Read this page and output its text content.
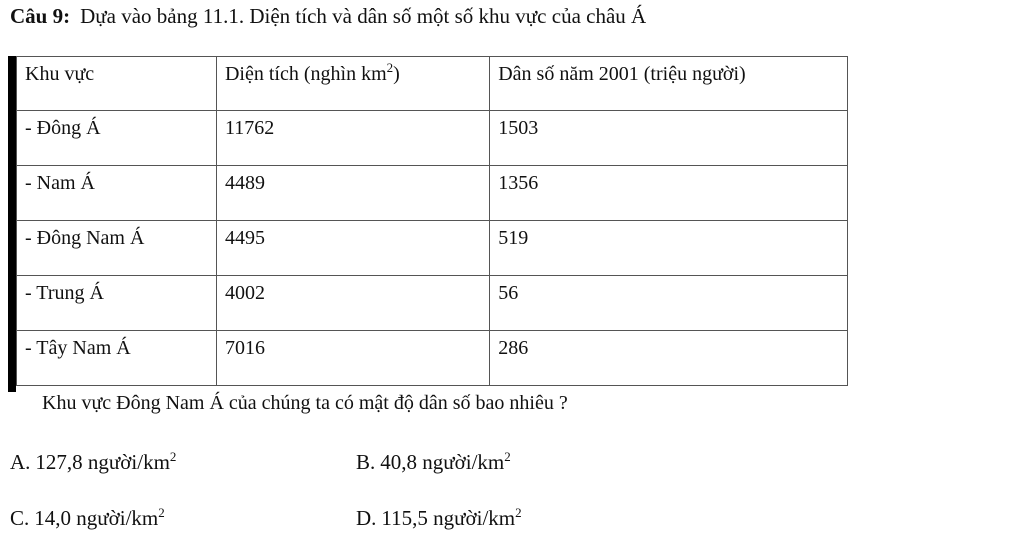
Câu 9: Dựa vào bảng 11.1. Diện tích và dân số một số khu vực của châu Á
Khu vực	Diện tích (nghìn $km^2$)	Dân số năm 2001 (triệu người)
- Đông Á	11762	1503
- Nam Á	4489	1356
- Đông Nam Á	4495	519
- Trung Á	4002	56
- Tây Nam Á	7016	286
Khu vực Đông Nam Á của chúng ta có mật độ dân số bao nhiêu ?
A. 127,8 người/$km^2$	B. 40,8 người/$km^2$
C. 14,0 người/$km^2$	D. 115,5 người/$km^2$
